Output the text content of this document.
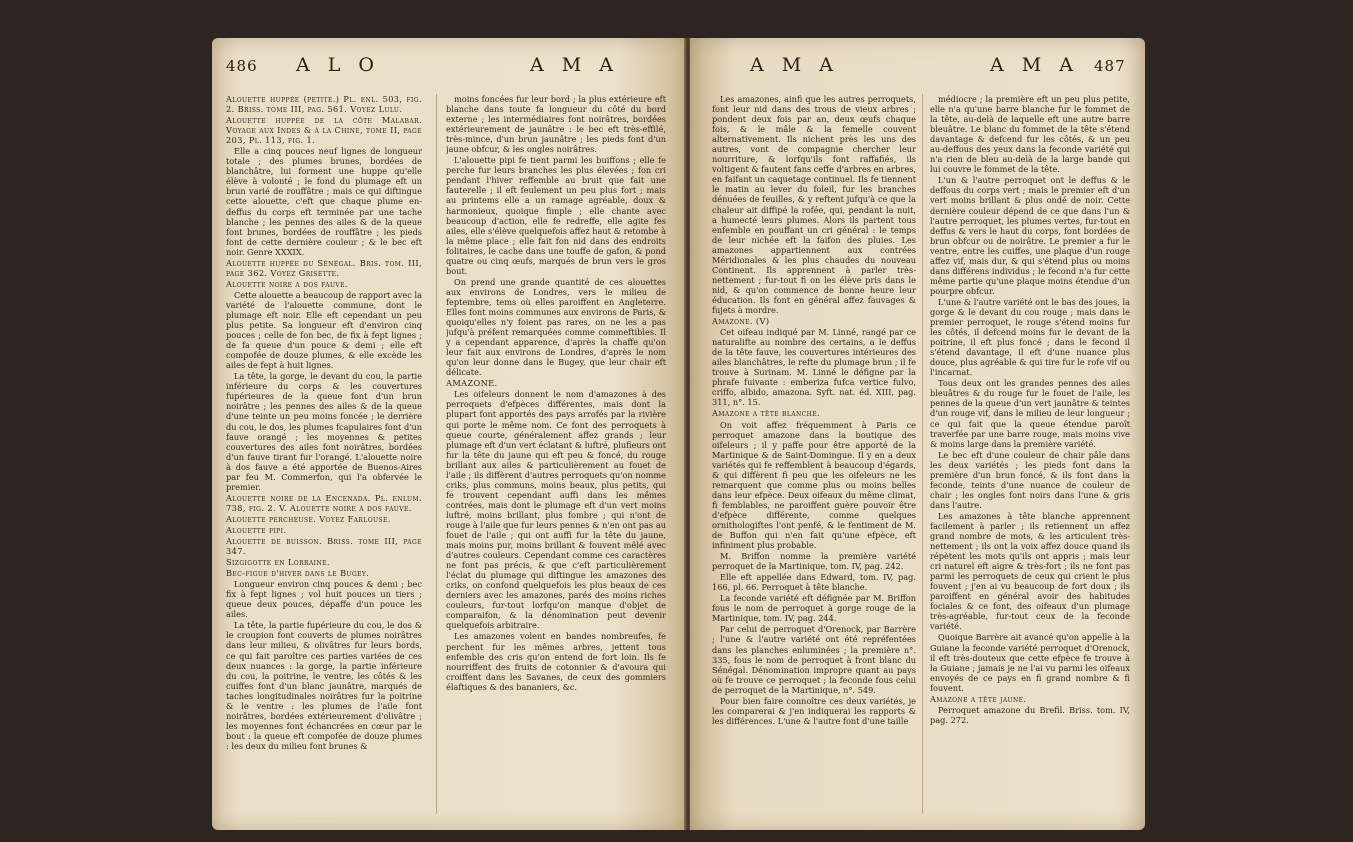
486 A L O	A M A

Alouette huppée (petite.) Pl. enl. 503, fig. 2. Briss. tome III, pag. 561. Voyez Lulu.

Alouette huppée de la côte Malabar. Voyage aux Indes & à la Chine, tome II, page 203, Pl. 113, fig. 1.

Elle a cinq pouces neuf lignes de longueur totale ; des plumes brunes, bordées de blanchâtre, lui forment une huppe qu'elle élève à volonté ; le fond du plumage eft un brun varié de rouffâtre ; mais ce qui diftingue cette alouette, c'eft que chaque plume en-deffus du corps eft terminée par une tache blanche ; les pennes des ailes & de la queue font brunes, bordées de rouffâtre ; les pieds font de cette dernière couleur ; & le bec eft noir. Genre XXXIX.

Alouette huppée du Sénégal. Bris. tom. III, page 362. Voyez Grisette.

Alouette noire a dos fauve.

Cette alouette a beaucoup de rapport avec la variété de l'alouette commune, dont le plumage eft noir. Elle eft cependant un peu plus petite. Sa longueur eft d'environ cinq pouces ; celle de fon bec, de fix à fept lignes ; de fa queue d'un pouce & demi ; elle eft compofée de douze plumes, & elle excède les ailes de fept à huit lignes.

La tête, la gorge, le devant du cou, la partie inférieure du corps & les couvertures fupérieures de la queue font d'un brun noirâtre ; les pennes des ailes & de la queue d'une teinte un peu moins foncée ; le derrière du cou, le dos, les plumes fcapulaires font d'un fauve orangé ; les moyennes & petites couvertures des ailes font noirâtres, bordées d'un fauve tirant fur l'orangé. L'alouette noire à dos fauve a été apportée de Buenos-Aires par feu M. Commerfon, qui l'a obfervée le premier.

Alouette noire de la Encenada. Pl. enlum. 738, fig. 2. V. Alouette noire à dos fauve.

Alouette percheuse. Voyez Farlouse.

Alouette pipi.

Alouette de buisson. Briss. tome III, page 347.

Sizgigotte en Lorraine.

Bec-figue d'hiver dans le Bugey.

Longueur environ cinq pouces & demi ; bec fix à fept lignes ; vol huit pouces un tiers ; queue deux pouces, dépaffe d'un pouce les ailes.

La tête, la partie fupérieure du cou, le dos & le croupion font couverts de plumes noirâtres dans leur milieu, & olivâtres fur leurs bords, ce qui fait paroître ces parties variées de ces deux nuances : la gorge, la partie inférieure du cou, la poitrine, le ventre, les côtés & les cuiffes font d'un blanc jaunâtre, marqués de taches longitudinales noirâtres fur la poitrine & le ventre : les plumes de l'aile font noirâtres, bordées extérieurement d'olivâtre ; les moyennes font échancrées en cœur par le bout : la queue eft compofée de douze plumes : les deux du milieu font brunes &

moins foncées fur leur bord ; la plus extérieure eft blanche dans toute fa longueur du côté du bord externe ; les intermédiaires font noirâtres, bordées extérieurement de jaunâtre : le bec eft très-effilé, très-mince, d'un brun jaunâtre ; les pieds font d'un jaune obfcur, & les ongles noirâtres.

L'alouette pipi fe tient parmi les buiffons ; elle fe perche fur leurs branches les plus élevées ; fon cri pendant l'hiver reffemble au bruit que fait une fauterelle ; il eft feulement un peu plus fort ; mais au printems elle a un ramage agréable, doux & harmonieux, quoique fimple ; elle chante avec beaucoup d'action, elle fe redreffe, elle agite fes ailes, elle s'élève quelquefois affez haut & retombe à la même place ; elle fait fon nid dans des endroits folitaires, le cache dans une touffe de gafon, & pond quatre ou cinq œufs, marqués de brun vers le gros bout.

On prend une grande quantité de ces alouettes aux environs de Londres, vers le milieu de feptembre, tems où elles paroiffent en Angleterre. Elles font moins communes aux environs de Paris, & quoiqu'elles n'y foient pas rares, on ne les a pas jufqu'à préfent remarquées comme commeftibles. Il y a cependant apparence, d'après la chaffe qu'on leur fait aux environs de Londres, d'après le nom qu'on leur donne dans le Bugey, que leur chair eft délicate.

AMAZONE.

Les oifeleurs donnent le nom d'amazones à des perroquets d'efpèces différentes, mais dont la plupart font apportés des pays arrofés par la rivière qui porte le même nom. Ce font des perroquets à queue courte, généralement affez grands ; leur plumage eft d'un vert éclatant & luftré, plufieurs ont fur la tête du jaune qui eft peu & foncé, du rouge brillant aux ailes & particulièrement au fouet de l'aile ; ils diffèrent d'autres perroquets qu'on nomme criks, plus communs, moins beaux, plus petits, qui fe trouvent cependant auffi dans les mêmes contrées, mais dont le plumage eft d'un vert moins luftré, moins brillant, plus fombre ; qui n'ont de rouge à l'aile que fur leurs pennes & n'en ont pas au fouet de l'aile ; qui ont auffi fur la tête du jaune, mais moins pur, moins brillant & fouvent mêlé avec d'autres couleurs. Cependant comme ces caractères ne font pas précis, & que c'eft particulièrement l'éclat du plumage qui diftingue les amazones des criks, on confond quelquefois les plus beaux de ces derniers avec les amazones, parés des moins riches couleurs, fur-tout lorfqu'on manque d'objet de comparaifon, & la dénomination peut devenir quelquefois arbitraire.

Les amazones volent en bandes nombreufes, fe perchent fur les mêmes arbres, jettent tous enfemble des cris qu'on entend de fort loin. Ils fe nourriffent des fruits de cotonnier & d'avoura qui croiffent dans les Savanes, de ceux des gommiers élaftiques & des bananiers, &c.

A M A	A M A 487

Les amazones, ainfi que les autres perroquets, font leur nid dans des trous de vieux arbres ; pondent deux fois par an, deux œufs chaque fois, & le mâle & la femelle couvent alternativement. Ils nichent près les uns des autres, vont de compagnie chercher leur nourriture, & lorfqu'ils font raffafiés, ils voltigent & fautent fans ceffe d'arbres en arbres, en faifant un caquetage continuel. Ils fe tiennent le matin au lever du foleil, fur les branches dénuées de feuilles, & y reftent jufqu'à ce que la chaleur ait diffipé la rofée, qui, pendant la nuit, a humecté leurs plumes. Alors ils partent tous enfemble en pouffant un cri général : le temps de leur nichée eft la faifon des pluies. Les amazones appartiennent aux contrées Méridionales & les plus chaudes du nouveau Continent. Ils apprennent à parler très-nettement ; fur-tout fi on les élève pris dans le nid, & qu'on commence de bonne heure leur éducation. Ils font en général affez fauvages & fujets à mordre.

Amazone. (V)

Cet oifeau indiqué par M. Linné, rangé par ce naturalifte au nombre des certains, a le deffus de la tête fauve, les couvertures intérieures des ailes blanchâtres, le refte du plumage brun ; il fe trouve à Surinam. M. Linné le défigne par la phrafe fuivante : emberiza fufca vertice fulvo, criffo, albido, amazona. Syft. nat. éd. XIII, pag. 311, n°. 15.

Amazone a tête blanche.

On voit affez fréquemment à Paris ce perroquet amazone dans la boutique des oifeleurs ; il y paffe pour être apporté de la Martinique & de Saint-Domingue. Il y en a deux variétés qui fe reffemblent à beaucoup d'égards, & qui diffèrent fi peu que les oifeleurs ne les remarquent que comme plus ou moins belles dans leur efpèce. Deux oifeaux du même climat, fi femblables, ne paroiffent guère pouvoir être d'efpèce différente, comme quelques ornithologiftes l'ont penfé, & le fentiment de M. de Buffon qui n'en fait qu'une efpèce, eft infiniment plus probable.

M. Briffon nomme la première variété perroquet de la Martinique, tom. IV, pag. 242.

Elle eft appellée dans Edward, tom. IV, pag. 166, pl. 66. Perroquet à tête blanche.

La feconde variété eft défignée par M. Briffon fous le nom de perroquet à gorge rouge de la Martinique, tom. IV, pag. 244.

Par celui de perroquet d'Orenock, par Barrère ; l'une & l'autre variété ont été repréfentées dans les planches enluminées ; la première n°. 335, fous le nom de perroquet à front blanc du Sénégal. Dénomination impropre quant au pays où fe trouve ce perroquet ; la feconde fous celui de perroquet de la Martinique, n°. 549.

Pour bien faire connoître ces deux variétés, je les comparerai & j'en indiquerai les rapports & les différences. L'une & l'autre font d'une taille

médiocre ; la première eft un peu plus petite, elle n'a qu'une barre blanche fur le fommet de la tête, au-delà de laquelle eft une autre barre bleuâtre. Le blanc du fommet de la tête s'étend davantage & defcend fur les côtés, & un peu au-deffous des yeux dans la feconde variété qui n'a rien de bleu au-delà de la large bande qui lui couvre le fommet de la tête.

L'un & l'autre perroquet ont le deffus & le deffous du corps vert ; mais le premier eft d'un vert moins brillant & plus ondé de noir. Cette dernière couleur dépend de ce que dans l'un & l'autre perroquet, les plumes vertes, fur-tout en deffus & vers le haut du corps, font bordées de brun obfcur ou de noirâtre. Le premier a fur le ventre, entre les cuiffes, une plaque d'un rouge affez vif, mais dur, & qui s'étend plus ou moins dans différens individus ; le fecond n'a fur cette même partie qu'une plaque moins étendue d'un pourpre obfcur.

L'une & l'autre variété ont le bas des joues, la gorge & le devant du cou rouge ; mais dans le premier perroquet, le rouge s'étend moins fur les côtés, il defcend moins fur le devant de la poitrine, il eft plus foncé ; dans le fecond il s'étend davantage, il eft d'une nuance plus douce, plus agréable & qui tire fur le rofe vif ou l'incarnat.

Tous deux ont les grandes pennes des ailes bleuâtres & du rouge fur le fouet de l'aile, les pennes de la queue d'un vert jaunâtre & teintes d'un rouge vif, dans le milieu de leur longueur ; ce qui fait que la queue étendue paroît traverfée par une barre rouge, mais moins vive & moins large dans la première variété.

Le bec eft d'une couleur de chair pâle dans les deux variétés ; les pieds font dans la première d'un brun foncé, & ils font dans la feconde, teints d'une nuance de couleur de chair ; les ongles font noirs dans l'une & gris dans l'autre.

Les amazones à tête blanche apprennent facilement à parler ; ils retiennent un affez grand nombre de mots, & les articulent très-nettement ; ils ont la voix affez douce quand ils répètent les mots qu'ils ont appris ; mais leur cri naturel eft aigre & très-fort ; ils ne font pas parmi les perroquets de ceux qui crient le plus fouvent ; j'en ai vu beaucoup de fort doux ; ils paroiffent en général avoir des habitudes fociales & ce font, des oifeaux d'un plumage très-agréable, fur-tout ceux de la feconde variété.

Quoique Barrère ait avancé qu'on appelle à la Guiane la feconde variété perroquet d'Orenock, il eft très-douteux que cette efpèce fe trouve à la Guiane ; jamais je ne l'ai vu parmi les oifeaux envoyés de ce pays en fi grand nombre & fi fouvent.

Amazone a tête jaune.

Perroquet amazone du Brefil. Briss. tom. IV, pag. 272.
